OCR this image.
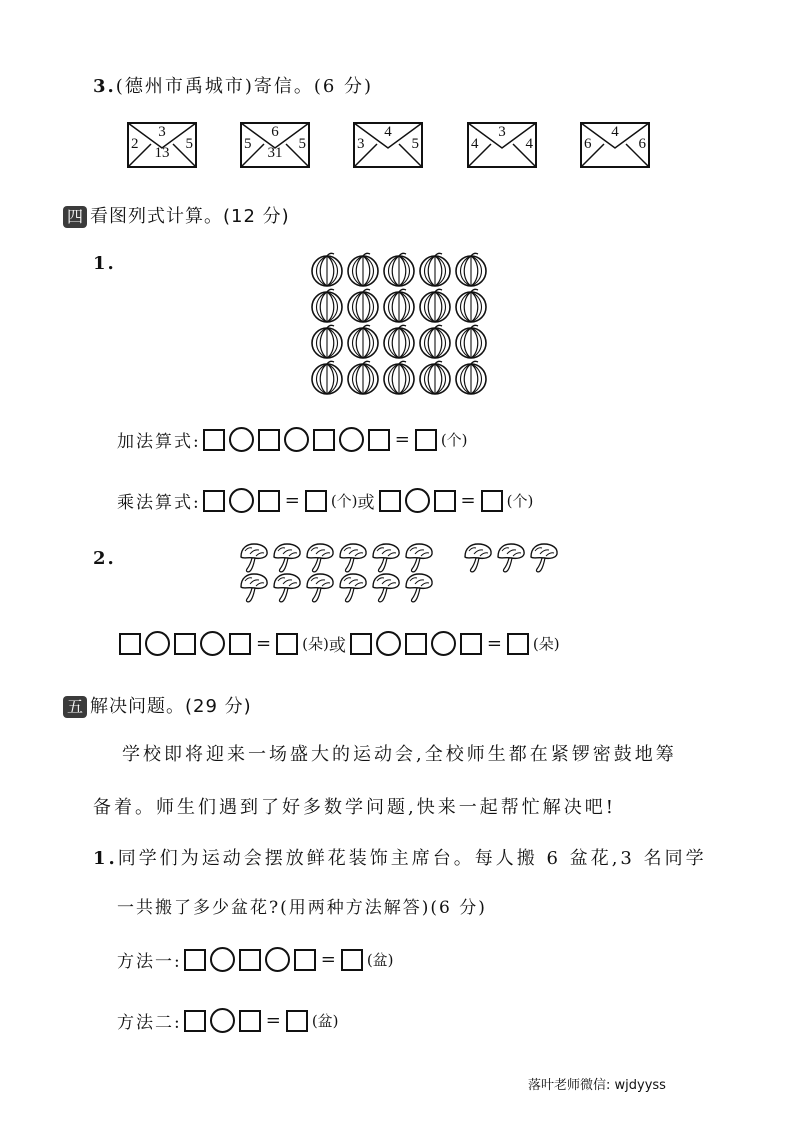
3.(德州市禹城市)寄信。(6 分)
2
3
13
5	5
6
31
5	3
4
5	4
3
4	6
4
6
四 看图列式计算。(12 分)
1.
加法算式:	= (个)
乘法算式:	= (个) 或	= (个)
2.
= (朵) 或	= (朵)
五 解决问题。(29 分)
学校即将迎来一场盛大的运动会,全校师生都在紧锣密鼓地筹
备着。师生们遇到了好多数学问题,快来一起帮忙解决吧!
1.同学们为运动会摆放鲜花装饰主席台。每人搬 6 盆花,3 名同学
一共搬了多少盆花?(用两种方法解答)(6 分)
方法一:	= (盆)
方法二:	= (盆)
落叶老师微信: wjdyyss
